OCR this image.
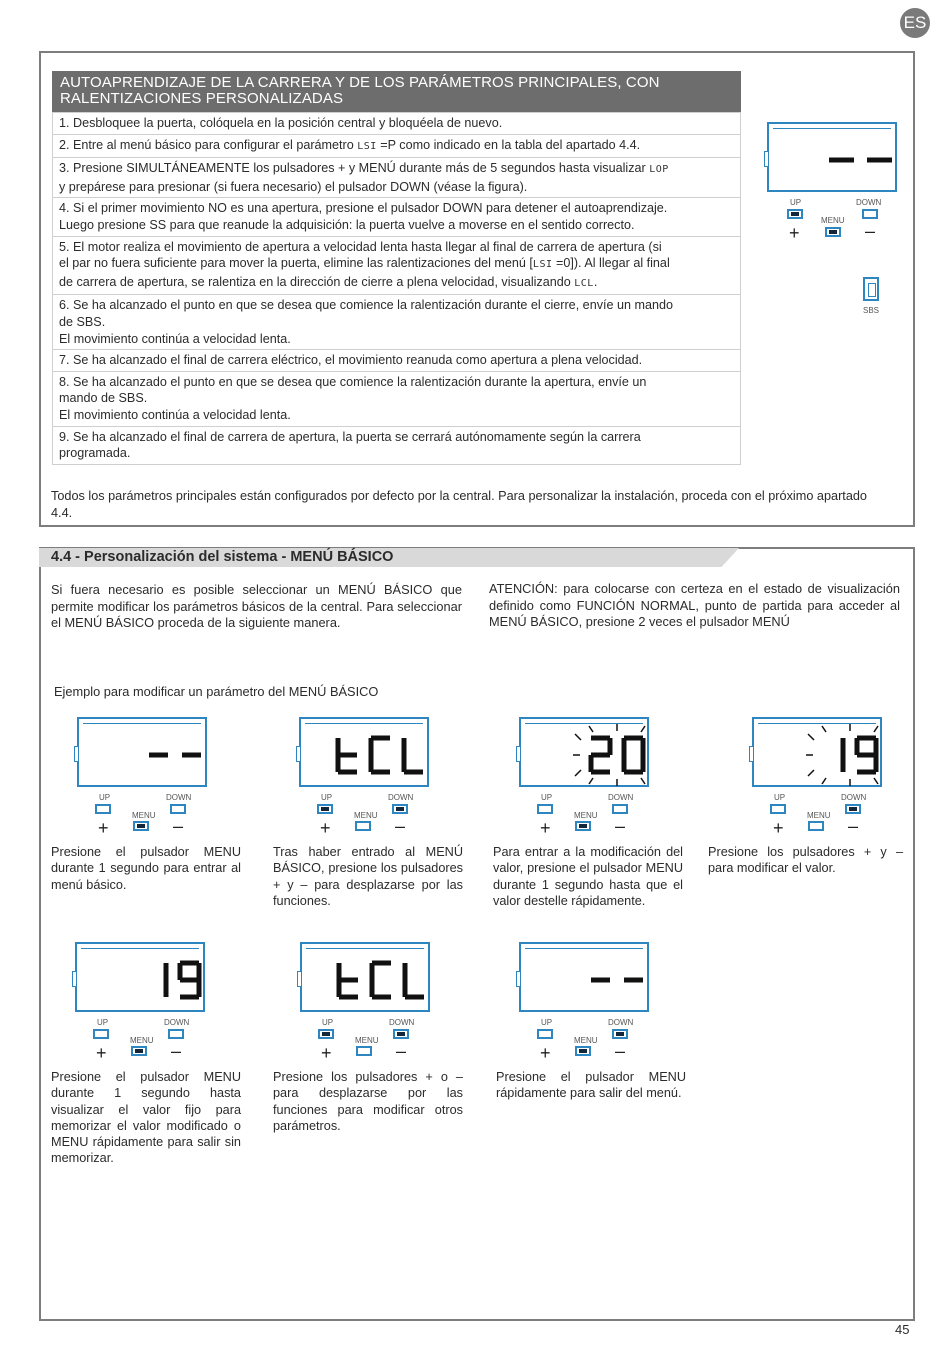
ES
AUTOAPRENDIZAJE DE LA CARRERA Y DE LOS PARÁMETROS PRINCIPALES, CON
RALENTIZACIONES PERSONALIZADAS
1. Desbloquee la puerta, colóquela en la posición central y bloquéela de nuevo.
2. Entre al menú básico para configurar el parámetro LSI =P como indicado en la tabla del apartado 4.4.
3. Presione SIMULTÁNEAMENTE los pulsadores + y MENÚ durante más de 5 segundos hasta visualizar LOP
y prepárese para presionar (si fuera necesario) el pulsador DOWN (véase la figura).
4. Si el primer movimiento NO es una apertura, presione el pulsador DOWN para detener el autoaprendizaje.
Luego presione SS para que reanude la adquisición: la puerta vuelve a moverse en el sentido correcto.
5. El motor realiza el movimiento de apertura a velocidad lenta hasta llegar al final de carrera de apertura (si
el par no fuera suficiente para mover la puerta, elimine las ralentizaciones del menú [LSI =0]). Al llegar al final
de carrera de apertura, se ralentiza en la dirección de cierre a plena velocidad, visualizando LCL.
6. Se ha alcanzado el punto en que se desea que comience la ralentización durante el cierre, envíe un mando
de SBS.
El movimiento continúa a velocidad lenta.
7. Se ha alcanzado el final de carrera eléctrico, el movimiento reanuda como apertura a plena velocidad.
8. Se ha alcanzado el punto en que se desea que comience la ralentización durante la apertura, envíe un
mando de SBS.
El movimiento continúa a velocidad lenta.
9. Se ha alcanzado el final de carrera de apertura, la puerta se cerrará autónomamente según la carrera
programada.
Todos los parámetros principales están configurados por defecto por la central. Para personalizar la instalación, proceda con el próximo apartado 4.4.
UP	DOWN
MENU
+	–
SBS
4.4 - Personalización del sistema - MENÚ BÁSICO
Si fuera necesario es posible seleccionar un MENÚ BÁSICO que permite modificar los parámetros básicos de la central. Para seleccionar el MENÚ BÁSICO proceda de la siguiente manera.
ATENCIÓN: para colocarse con certeza en el estado de visualización definido como FUNCIÓN NORMAL, punto de partida para acceder al MENÚ BÁSICO, presione 2 veces el pulsador MENÚ
Ejemplo para modificar un parámetro del MENÚ BÁSICO
UP	DOWN
MENU
+	–
Presione el pulsador MENU durante 1 segundo para entrar al menú básico.
UP	DOWN
MENU
+	–
Tras haber entrado al MENÚ BÁSICO, presione los pulsadores + y – para desplazarse por las funciones.
UP	DOWN
MENU
+	–
Para entrar a la modificación del valor, presione el pulsador MENU durante 1 segundo hasta que el valor destelle rápidamente.
UP	DOWN
MENU
+	–
Presione los pulsadores + y – para modificar el valor.
UP	DOWN
MENU
+	–
Presione el pulsador MENU durante 1 segundo hasta visualizar el valor fijo para memorizar el valor modificado o MENU rápidamente para salir sin memorizar.
UP	DOWN
MENU
+	–
Presione los pulsadores + o – para desplazarse por las funciones para modificar otros parámetros.
UP	DOWN
MENU
+	–
Presione el pulsador MENU rápidamente para salir del menú.
45
